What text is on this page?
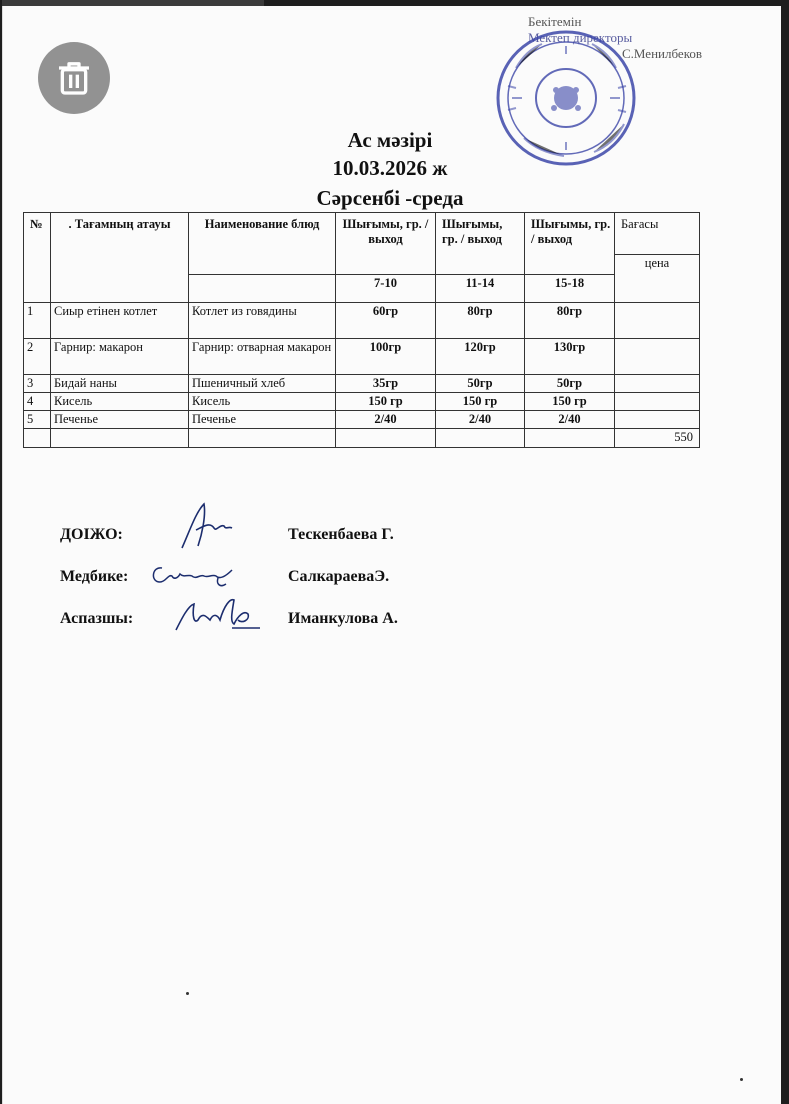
Бекітемін
Мектеп директоры
С.Менилбеков
Ас мәзірі
10.03.2026 ж
Сәрсенбі -среда
№	. Тағамның атауы	Наименование блюд	Шығымы, гр. / выход	Шығымы, гр. / выход	Шығымы, гр. / выход	Бағасы
						цена
			7-10	11-14	15-18	
1	Сиыр етінен котлет	Котлет из говядины	60гр	80гр	80гр	
2	Гарнир: макарон	Гарнир: отварная макарон	100гр	120гр	130гр	
3	Бидай наны	Пшеничный хлеб	35гр	50гр	50гр	
4	Кисель	Кисель	150 гр	150 гр	150 гр	
5	Печенье	Печенье	2/40	2/40	2/40	
						550
ДОІЖО:	Тескенбаева Г.
Медбике:	СалкараеваЭ.
Аспазшы:	Иманкулова А.
